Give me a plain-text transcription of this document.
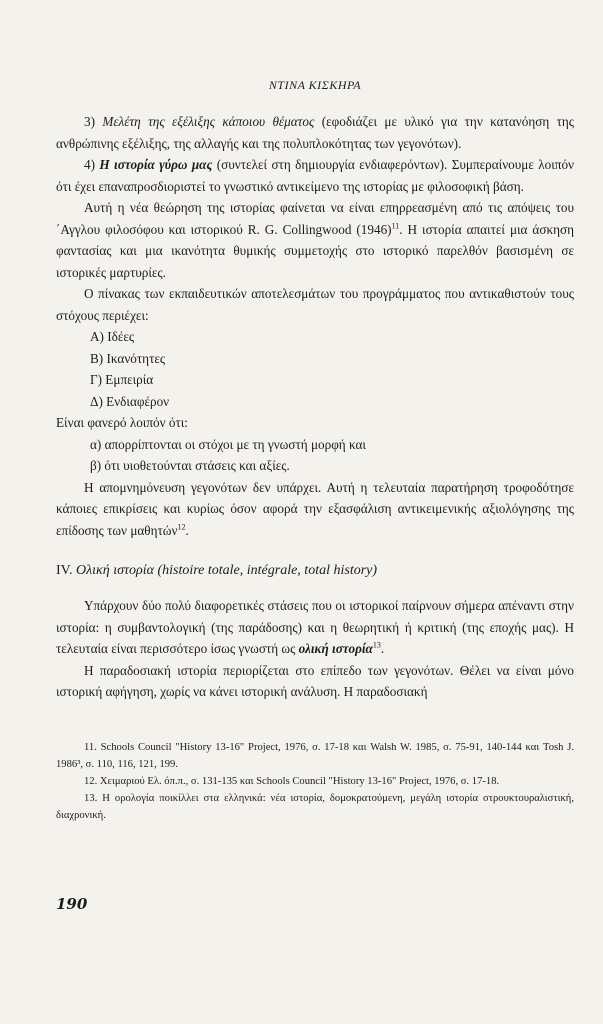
ΝΤΙΝΑ ΚΙΣΚΗΡΑ

3) Μελέτη της εξέλιξης κάποιου θέματος (εφοδιάζει με υλικό για την κατανόηση της ανθρώπινης εξέλιξης, της αλλαγής και της πολυπλοκότητας των γεγονότων).

4) Η ιστορία γύρω μας (συντελεί στη δημιουργία ενδιαφερόντων). Συμπεραίνουμε λοιπόν ότι έχει επαναπροσδιοριστεί το γνωστικό αντικείμενο της ιστορίας με φιλοσοφική βάση.

Αυτή η νέα θεώρηση της ιστορίας φαίνεται να είναι επηρρεασμένη από τις απόψεις του ΄Αγγλου φιλοσόφου και ιστορικού R. G. Collingwood $(1946)^{11}$. Η ιστορία απαιτεί μια άσκηση φαντασίας και μια ικανότητα θυμικής συμμετοχής στο ιστορικό παρελθόν βασισμένη σε ιστορικές μαρτυρίες.

Ο πίνακας των εκπαιδευτικών αποτελεσμάτων του προγράμματος που αντικαθιστούν τους στόχους περιέχει:

Α) Ιδέες

Β) Ικανότητες

Γ) Εμπειρία

Δ) Ενδιαφέρον

Είναι φανερό λοιπόν ότι:

α) απορρίπτονται οι στόχοι με τη γνωστή μορφή και

β) ότι υιοθετούνται στάσεις και αξίες.

Η απομνημόνευση γεγονότων δεν υπάρχει. Αυτή η τελευταία παρατήρηση τροφοδότησε κάποιες επικρίσεις και κυρίως όσον αφορά την εξασφάλιση αντικειμενικής αξιολόγησης της επίδοσης των μαθητών$^{12}$.

IV. Ολική ιστορία (histoire totale, intégrale, total history)

Υπάρχουν δύο πολύ διαφορετικές στάσεις που οι ιστορικοί παίρνουν σήμερα απέναντι στην ιστορία: η συμβαντολογική (της παράδοσης) και η θεωρητική ή κριτική (της εποχής μας). Η τελευταία είναι περισσότερο ίσως γνωστή ως ολική ιστορία$^{13}$.

Η παραδοσιακή ιστορία περιορίζεται στο επίπεδο των γεγονότων. Θέλει να είναι μόνο ιστορική αφήγηση, χωρίς να κάνει ιστορική ανάλυση. Η παραδοσιακή

11. Schools Council "History 13-16" Project, 1976, σ. 17-18 και Walsh W. 1985, σ. 75-91, 140-144 και Tosh J. 1986³, σ. 110, 116, 121, 199.

12. Χειμαριού Ελ. όπ.π., σ. 131-135 και Schools Council "History 13-16" Project, 1976, σ. 17-18.

13. Η ορολογία ποικίλλει στα ελληνικά: νέα ιστορία, δομοκρατούμενη, μεγάλη ιστορία στρουκτουραλιστική, διαχρονική.

190
